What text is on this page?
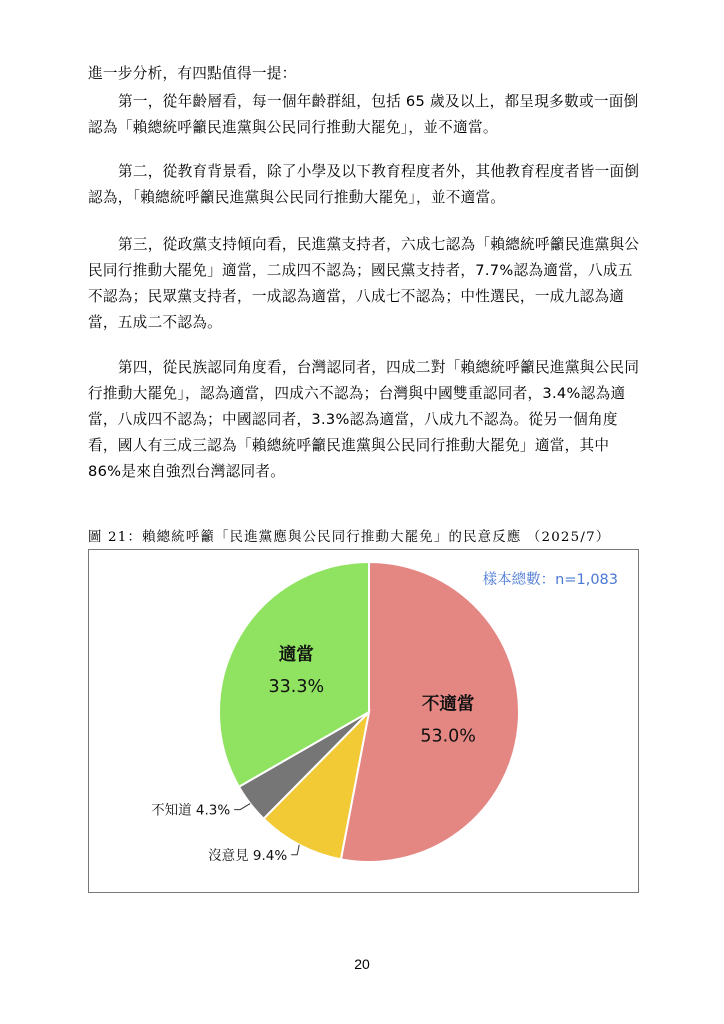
進一步分析，有四點值得一提：

第一，從年齡層看，每一個年齡群組，包括 65 歲及以上，都呈現多數或一面倒認為「賴總統呼籲民進黨與公民同行推動大罷免」，並不適當。

第二，從教育背景看，除了小學及以下教育程度者外，其他教育程度者皆一面倒認為，「賴總統呼籲民進黨與公民同行推動大罷免」，並不適當。

第三，從政黨支持傾向看，民進黨支持者，六成七認為「賴總統呼籲民進黨與公民同行推動大罷免」適當，二成四不認為；國民黨支持者，7.7%認為適當，八成五不認為；民眾黨支持者，一成認為適當，八成七不認為；中性選民，一成九認為適當，五成二不認為。

第四，從民族認同角度看，台灣認同者，四成二對「賴總統呼籲民進黨與公民同行推動大罷免」，認為適當，四成六不認為；台灣與中國雙重認同者，3.4%認為適當，八成四不認為；中國認同者，3.3%認為適當，八成九不認為。從另一個角度看，國人有三成三認為「賴總統呼籲民進黨與公民同行推動大罷免」適當，其中 86%是來自強烈台灣認同者。

圖 21：賴總統呼籲「民進黨應與公民同行推動大罷免」的民意反應 （2025/7）
樣本總數：n=1,083
不適當
53.0%
沒意見 9.4%
不知道 4.3%
適當
33.3%
20
